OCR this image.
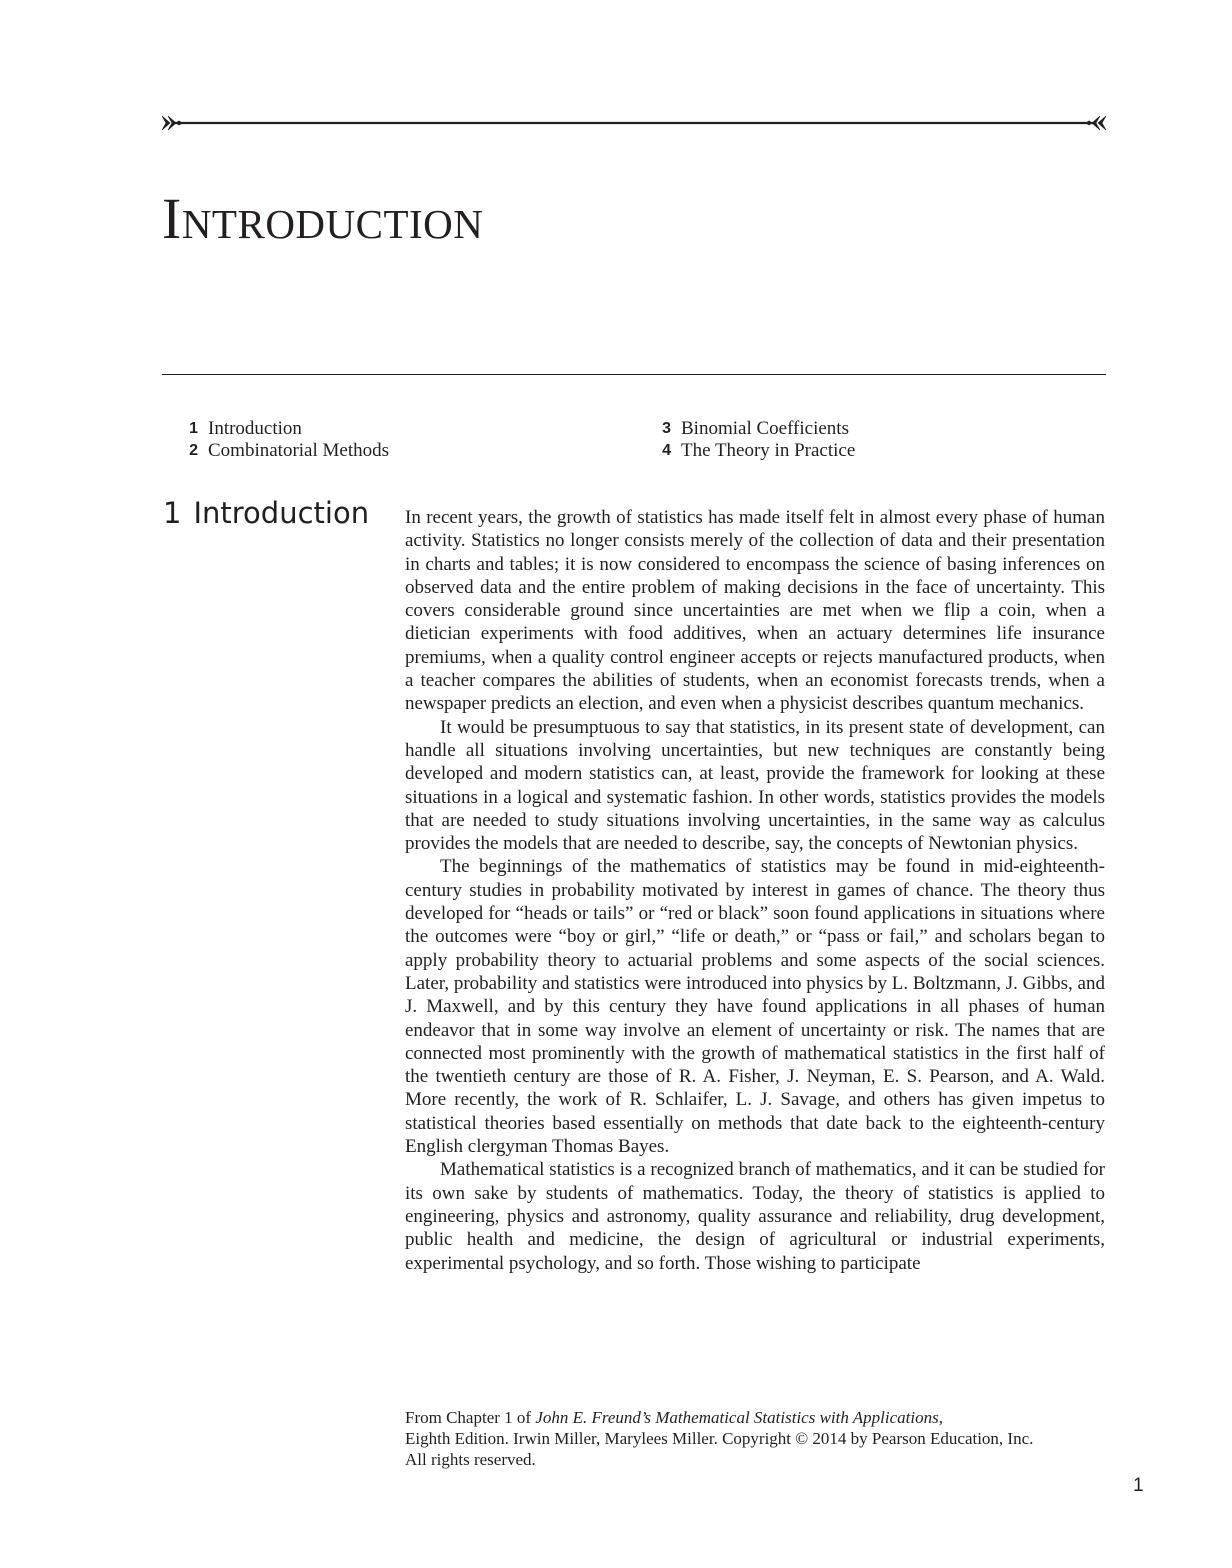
Introduction
1 Introduction
2 Combinatorial Methods
3 Binomial Coefficients
4 The Theory in Practice
1 Introduction In recent years, the growth of statistics has made itself felt in almost every phase of human activity. Statistics no longer consists merely of the collection of data and their presentation in charts and tables; it is now considered to encompass the science of basing inferences on observed data and the entire problem of making decisions in the face of uncertainty. This covers considerable ground since uncertainties are met when we flip a coin, when a dietician experiments with food additives, when an actuary determines life insurance premiums, when a quality control engineer accepts or rejects manufactured products, when a teacher compares the abilities of students, when an economist forecasts trends, when a newspaper predicts an election, and even when a physicist describes quantum mechanics.

It would be presumptuous to say that statistics, in its present state of development, can handle all situations involving uncertainties, but new techniques are constantly being developed and modern statistics can, at least, provide the framework for looking at these situations in a logical and systematic fashion. In other words, statistics provides the models that are needed to study situations involving uncertainties, in the same way as calculus provides the models that are needed to describe, say, the concepts of Newtonian physics.

The beginnings of the mathematics of statistics may be found in mid-eighteenth-century studies in probability motivated by interest in games of chance. The theory thus developed for “heads or tails” or “red or black” soon found applications in situations where the outcomes were “boy or girl,” “life or death,” or “pass or fail,” and scholars began to apply probability theory to actuarial problems and some aspects of the social sciences. Later, probability and statistics were introduced into physics by L. Boltzmann, J. Gibbs, and J. Maxwell, and by this century they have found applications in all phases of human endeavor that in some way involve an element of uncertainty or risk. The names that are connected most prominently with the growth of mathematical statistics in the first half of the twentieth century are those of R. A. Fisher, J. Neyman, E. S. Pearson, and A. Wald. More recently, the work of R. Schlaifer, L. J. Savage, and others has given impetus to statistical theories based essentially on methods that date back to the eighteenth-century English clergyman Thomas Bayes.

Mathematical statistics is a recognized branch of mathematics, and it can be studied for its own sake by students of mathematics. Today, the theory of statistics is applied to engineering, physics and astronomy, quality assurance and reliability, drug development, public health and medicine, the design of agricultural or industrial experiments, experimental psychology, and so forth. Those wishing to participate

From Chapter 1 of John E. Freund’s Mathematical Statistics with Applications,

Eighth Edition. Irwin Miller, Marylees Miller. Copyright © 2014 by Pearson Education, Inc.

All rights reserved.

1
